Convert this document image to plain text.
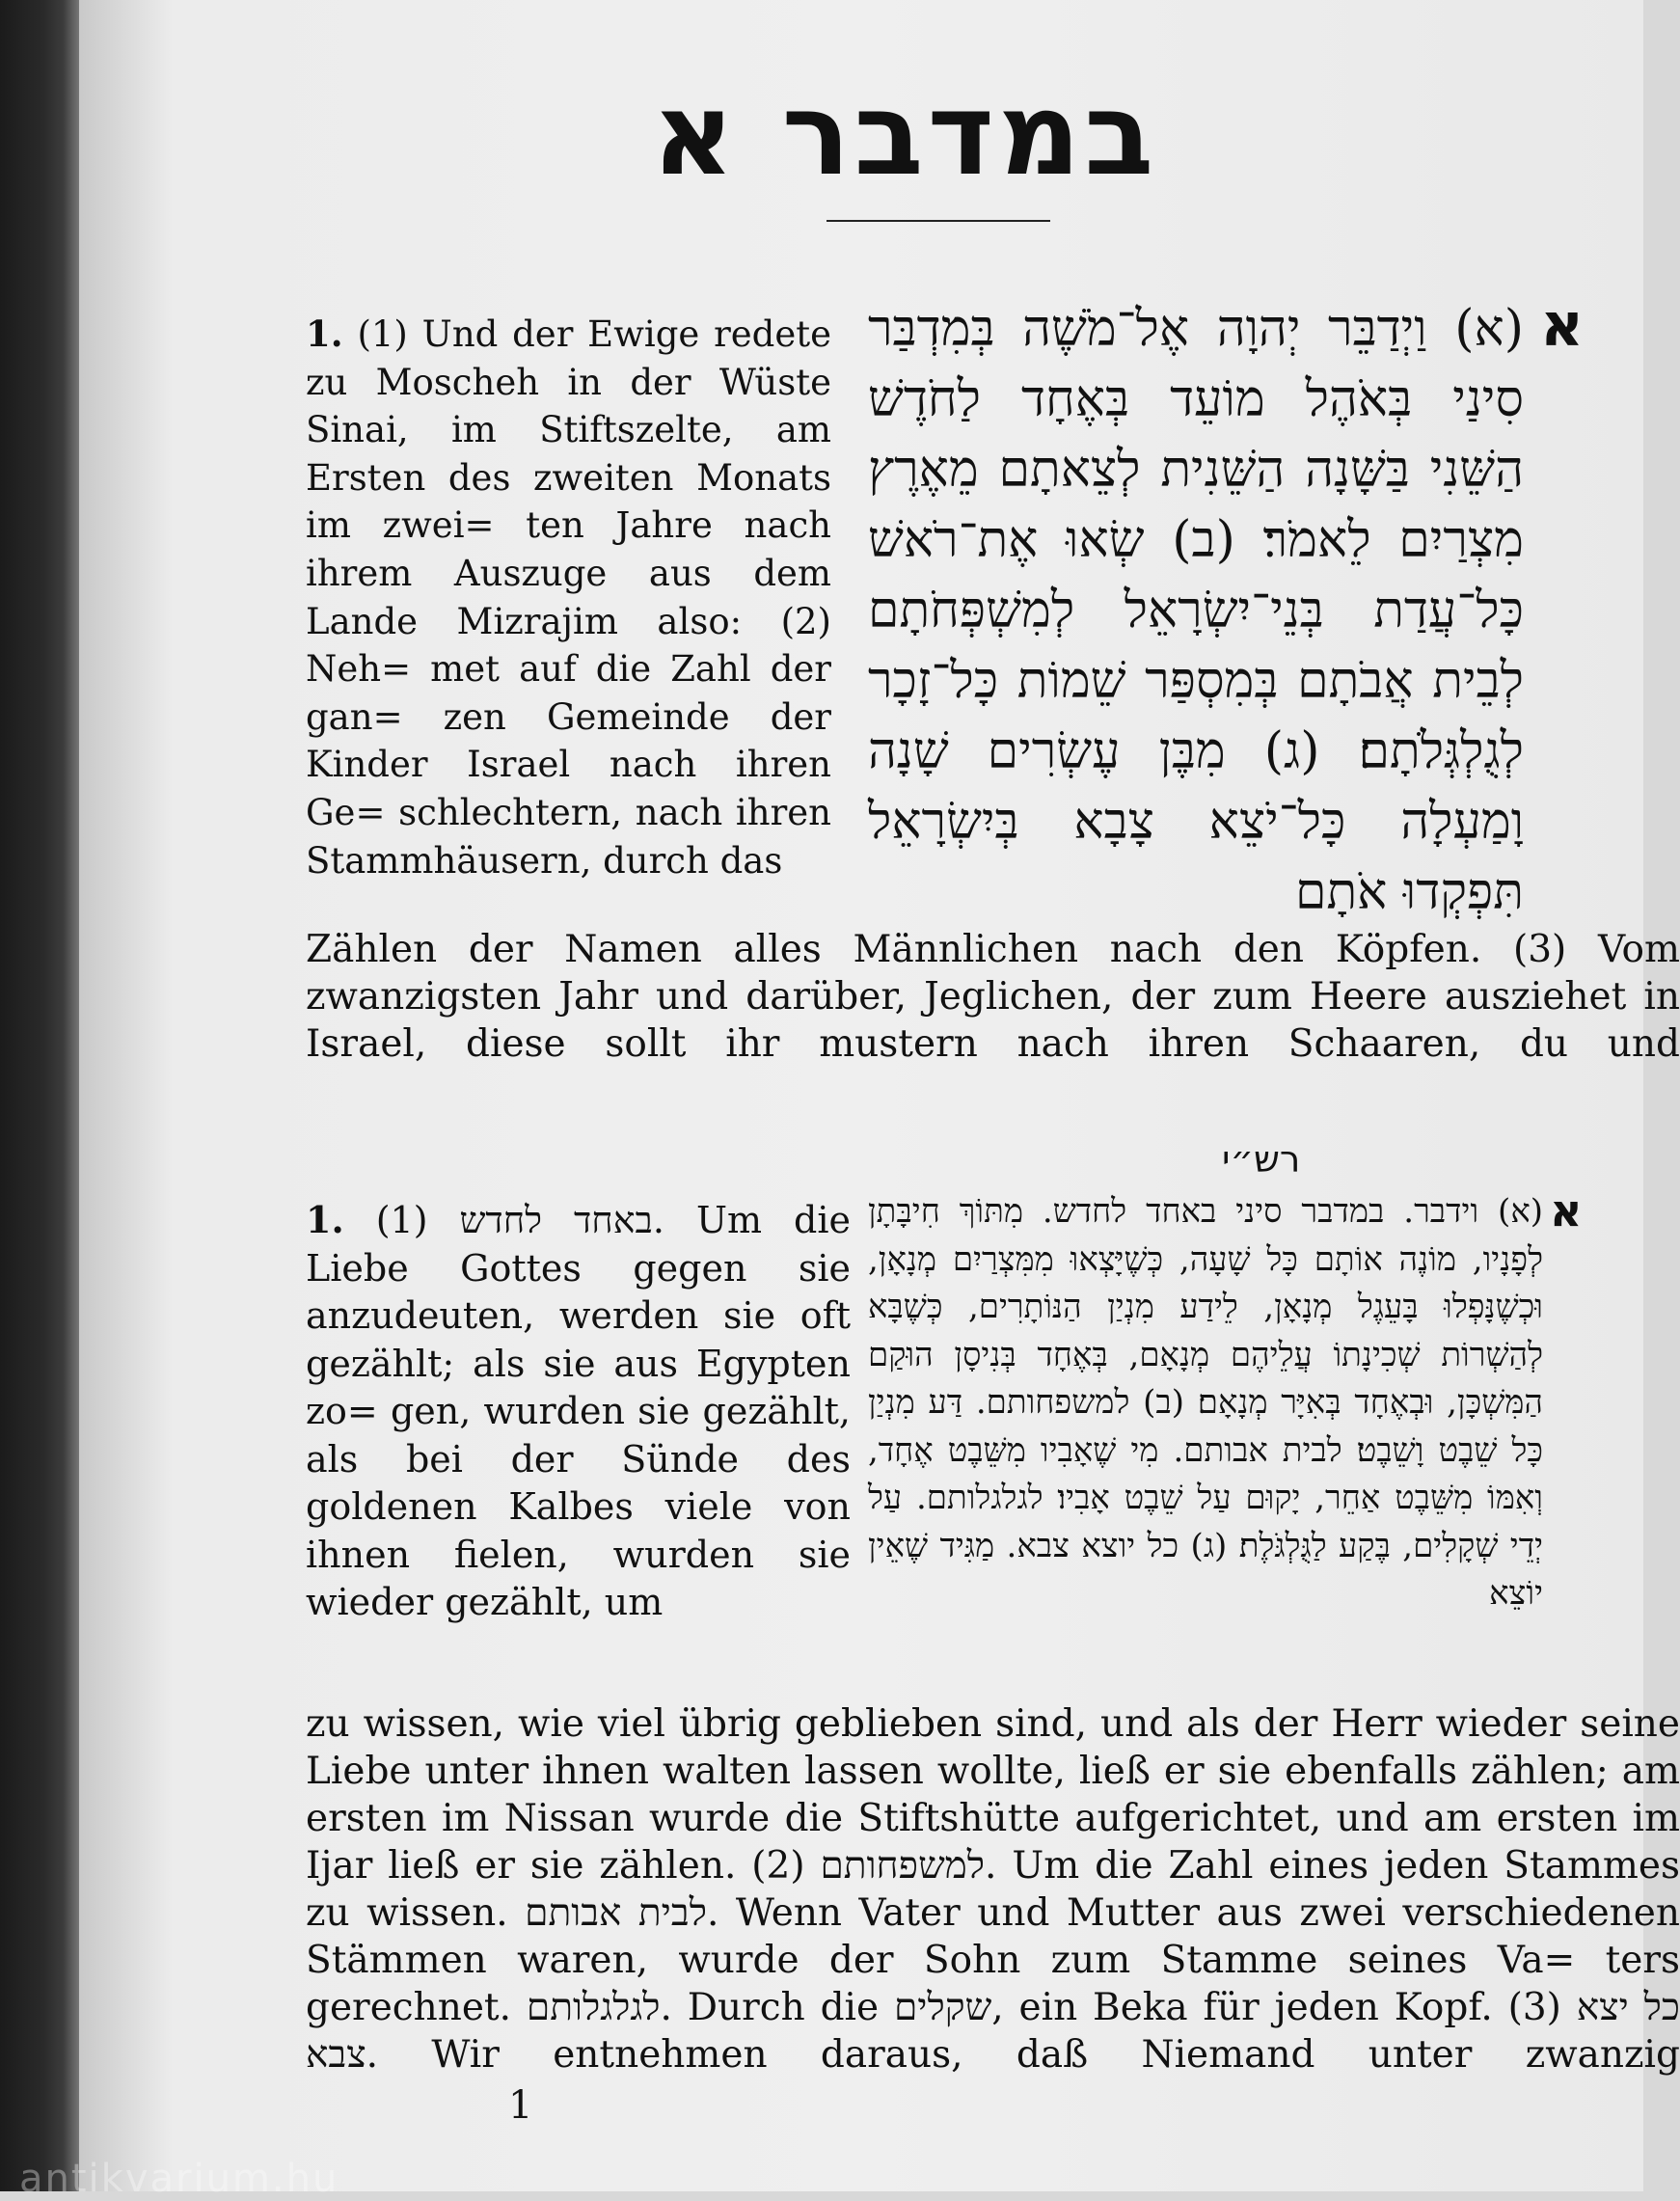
במדבר א
א
(א) וַיְדַבֵּר יְהוָה אֶל־מֹשֶׁה בְּמִדְבַּר סִינַי בְּאֹהֶל מוֹעֵד בְּאֶחָד לַחֹדֶשׁ הַשֵּׁנִי בַּשָּׁנָה הַשֵּׁנִית לְצֵאתָם מֵאֶרֶץ מִצְרַיִם לֵאמֹר׃ (ב) שְׂאוּ אֶת־רֹאשׁ כָּל־עֲדַת בְּנֵי־יִשְׂרָאֵל לְמִשְׁפְּחֹתָם לְבֵית אֲבֹתָם בְּמִסְפַּר שֵׁמוֹת כָּל־זָכָר לְגֻלְגְּלֹתָם׃ (ג) מִבֶּן עֶשְׂרִים שָׁנָה וָמַעְלָה כָּל־יֹצֵא צָבָא בְּיִשְׂרָאֵל תִּפְקְדוּ אֹתָם
1. (1) Und der Ewige redete zu Moscheh in der Wüste Sinai, im Stiftszelte, am Ersten des zweiten Monats im zwei= ten Jahre nach ihrem Auszuge aus dem Lande Mizrajim also: (2) Neh= met auf die Zahl der gan= zen Gemeinde der Kinder Israel nach ihren Ge= schlechtern, nach ihren Stammhäusern, durch das
Zählen der Namen alles Männlichen nach den Köpfen. (3) Vom zwanzigsten Jahr und darüber, Jeglichen, der zum Heere ausziehet in Israel, diese sollt ihr mustern nach ihren Schaaren, du und
רש״י
א
(א) וידבר. במדבר סיני באחד לחדש. מִתּוֹךְ חִיבָּתָן לְפָנָיו, מוֹנֶה אוֹתָם כָּל שָׁעָה, כְּשֶׁיָּצְאוּ מִמִּצְרַיִם מְנָאָן, וּכְשֶׁנָּפְלוּ בָּעֵגֶל מְנָאָן, לֵידַע מִנְיַן הַנּוֹתָרִים, כְּשֶׁבָּא לְהַשְׁרוֹת שְׁכִינָתוֹ עֲלֵיהֶם מְנָאָם, בְּאֶחָד בְּנִיסָן הוּקַם הַמִּשְׁכָּן, וּבְאֶחָד בְּאִיָּר מְנָאָם׃ (ב) למשפחותם. דַּע מִנְיַן כָּל שֵׁבֶט וָשֵׁבֶט׃ לבית אבותם. מִי שֶׁאָבִיו מִשֵּׁבֶט אֶחָד, וְאִמּוֹ מִשֵּׁבֶט אַחֵר, יָקוּם עַל שֵׁבֶט אָבִיו׃ לגלגלותם. עַל יְדֵי שְׁקָלִים, בֶּקַע לַגֻּלְגֹּלֶת׃ (ג) כל יוצא צבא. מַגִּיד שֶׁאֵין יוֹצֵא
1. (1) באחד לחדש. Um die Liebe Gottes gegen sie anzudeuten, werden sie oft gezählt; als sie aus Egypten zo= gen, wurden sie gezählt, als bei der Sünde des goldenen Kalbes viele von ihnen fielen, wurden sie wieder gezählt, um
zu wissen, wie viel übrig geblieben sind, und als der Herr wieder seine Liebe unter ihnen walten lassen wollte, ließ er sie ebenfalls zählen; am ersten im Nissan wurde die Stiftshütte aufgerichtet, und am ersten im Ijar ließ er sie zählen. (2) למשפחותם. Um die Zahl eines jeden Stammes zu wissen. לבית אבותם. Wenn Vater und Mutter aus zwei verschiedenen Stämmen waren, wurde der Sohn zum Stamme seines Va= ters gerechnet. לגלגלותם. Durch die שקלים, ein Beka für jeden Kopf. (3) כל יצא צבא. Wir entnehmen daraus, daß Niemand unter zwanzig
1
antikvarium.hu
